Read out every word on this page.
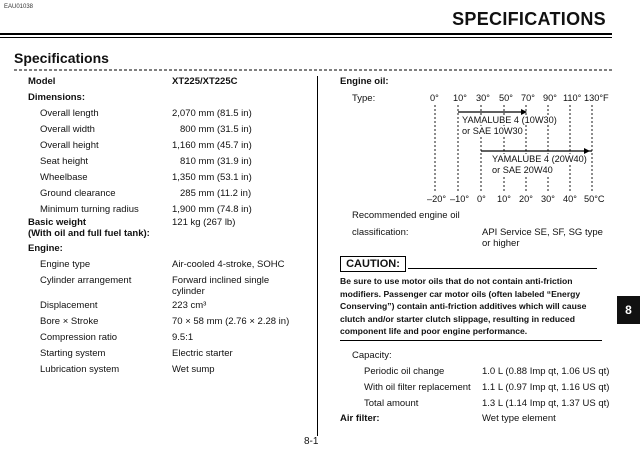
EAU01038
SPECIFICATIONS
Specifications
Model	XT225/XT225C
Dimensions:
Overall length	2,070 mm (81.5 in)
Overall width	800 mm (31.5 in)
Overall height	1,160 mm (45.7 in)
Seat height	810 mm (31.9 in)
Wheelbase	1,350 mm (53.1 in)
Ground clearance	285 mm (11.2 in)
Minimum turning radius	1,900 mm (74.8 in)
Basic weight
(With oil and full fuel tank):
121 kg (267 lb)
Engine:
Engine type	Air-cooled 4-stroke, SOHC
Cylinder arrangement	Forward inclined single
cylinder
Displacement	223 cm³
Bore × Stroke	70 × 58 mm (2.76 × 2.28 in)
Compression ratio	9.5:1
Starting system	Electric starter
Lubrication system	Wet sump
Engine oil:
Type:	0° 10° 30° 50° 70° 90° 110° 130°F
YAMALUBE 4 (10W30)
or SAE 10W30
YAMALUBE 4 (20W40)
or SAE 20W40
–20° –10° 0° 10° 20° 30° 40° 50°C
Recommended engine oil
classification:	API Service SE, SF, SG type
or higher
CAUTION:
Be sure to use motor oils that do not contain anti-friction modifiers. Passenger car motor oils (often labeled “Energy Conserving”) contain anti-friction additives which will cause clutch and/or starter clutch slippage, resulting in reduced component life and poor engine performance.
Capacity:
Periodic oil change	1.0 L (0.88 Imp qt, 1.06 US qt)
With oil filter replacement 1.1 L (0.97 Imp qt, 1.16 US qt)
Total amount	1.3 L (1.14 Imp qt, 1.37 US qt)
Air filter:	Wet type element
8
8-1
